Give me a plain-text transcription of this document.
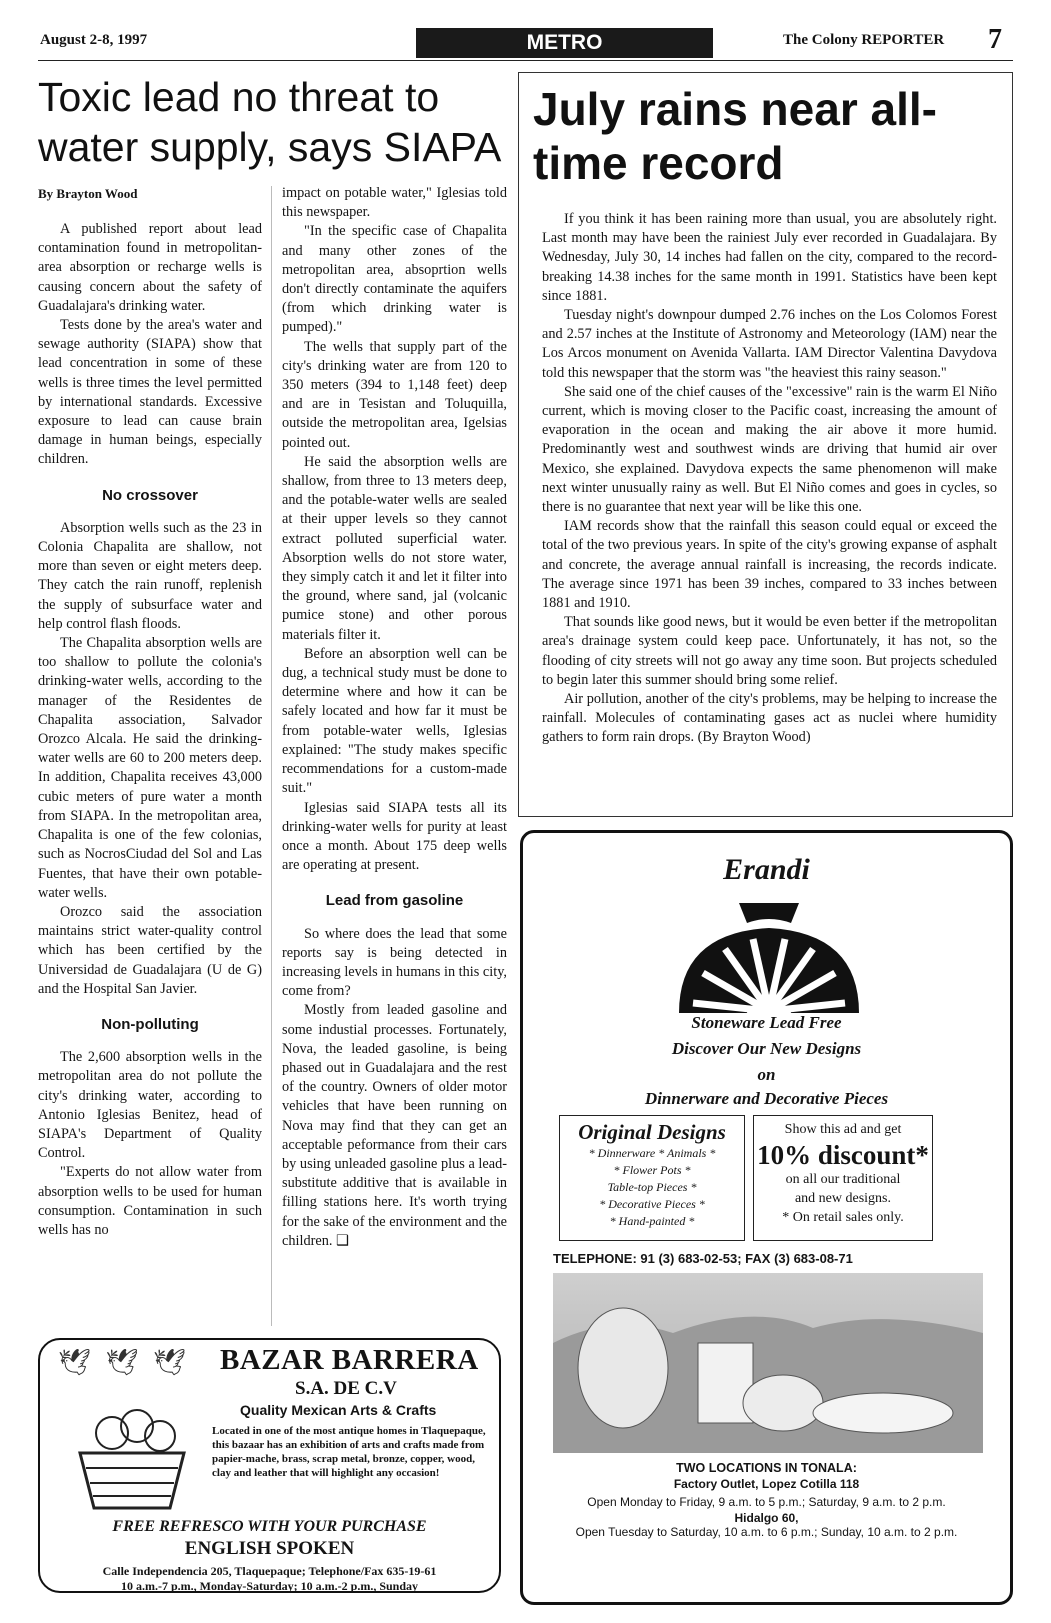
August 2-8, 1997	METRO	The Colony REPORTER 7
Toxic lead no threat to water supply, says SIAPA
By Brayton Wood

A published report about lead contamination found in metropolitan-area absorption or recharge wells is causing concern about the safety of Guadalajara's drinking water.

Tests done by the area's water and sewage authority (SIAPA) show that lead concentration in some of these wells is three times the level permitted by international standards. Excessive exposure to lead can cause brain damage in human beings, especially children.

No crossover

Absorption wells such as the 23 in Colonia Chapalita are shallow, not more than seven or eight meters deep. They catch the rain runoff, replenish the supply of subsurface water and help control flash floods.

The Chapalita absorption wells are too shallow to pollute the colonia's drinking-water wells, according to the manager of the Residentes de Chapalita association, Salvador Orozco Alcala. He said the drinking-water wells are 60 to 200 meters deep. In addition, Chapalita receives 43,000 cubic meters of pure water a month from SIAPA. In the metropolitan area, Chapalita is one of the few colonias, such as NocrosCiudad del Sol and Las Fuentes, that have their own potable-water wells.

Orozco said the association maintains strict water-quality control which has been certified by the Universidad de Guadalajara (U de G) and the Hospital San Javier.

Non-polluting

The 2,600 absorption wells in the metropolitan area do not pollute the city's drinking water, according to Antonio Iglesias Benitez, head of SIAPA's Department of Quality Control.

"Experts do not allow water from absorption wells to be used for human consumption. Contamination in such wells has no

impact on potable water," Iglesias told this newspaper.

"In the specific case of Chapalita and many other zones of the metropolitan area, absoprtion wells don't directly contaminate the aquifers (from which drinking water is pumped)."

The wells that supply part of the city's drinking water are from 120 to 350 meters (394 to 1,148 feet) deep and are in Tesistan and Toluquilla, outside the metropolitan area, Igelsias pointed out.

He said the absorption wells are shallow, from three to 13 meters deep, and the potable-water wells are sealed at their upper levels so they cannot extract polluted superficial water. Absorption wells do not store water, they simply catch it and let it filter into the ground, where sand, jal (volcanic pumice stone) and other porous materials filter it.

Before an absorption well can be dug, a technical study must be done to determine where and how it can be safely located and how far it must be from potable-water wells, Iglesias explained: "The study makes specific recommendations for a custom-made suit."

Iglesias said SIAPA tests all its drinking-water wells for purity at least once a month. About 175 deep wells are operating at present.

Lead from gasoline

So where does the lead that some reports say is being detected in increasing levels in humans in this city, come from?

Mostly from leaded gasoline and some industial processes. Fortunately, Nova, the leaded gasoline, is being phased out in Guadalajara and the rest of the country. Owners of older motor vehicles that have been running on Nova may find that they can get an acceptable peformance from their cars by using unleaded gasoline plus a lead-substitute additive that is available in filling stations here. It's worth trying for the sake of the environment and the children. ❑

July rains near all-time record

If you think it has been raining more than usual, you are absolutely right. Last month may have been the rainiest July ever recorded in Guadalajara. By Wednesday, July 30, 14 inches had fallen on the city, compared to the record-breaking 14.38 inches for the same month in 1991. Statistics have been kept since 1881.

Tuesday night's downpour dumped 2.76 inches on the Los Colomos Forest and 2.57 inches at the Institute of Astronomy and Meteorology (IAM) near the Los Arcos monument on Avenida Vallarta. IAM Director Valentina Davydova told this newspaper that the storm was "the heaviest this rainy season."

She said one of the chief causes of the "excessive" rain is the warm El Niño current, which is moving closer to the Pacific coast, increasing the amount of evaporation in the ocean and making the air above it more humid. Predominantly west and southwest winds are driving that humid air over Mexico, she explained. Davydova expects the same phenomenon will make next winter unusually rainy as well. But El Niño comes and goes in cycles, so there is no guarantee that next year will be like this one.

IAM records show that the rainfall this season could equal or exceed the total of the two previous years. In spite of the city's growing expanse of asphalt and concrete, the average annual rainfall is increasing, the records indicate. The average since 1971 has been 39 inches, compared to 33 inches between 1881 and 1910.

That sounds like good news, but it would be even better if the metropolitan area's drainage system could keep pace. Unfortunately, it has not, so the flooding of city streets will not go away any time soon. But projects scheduled to begin later this summer should bring some relief.

Air pollution, another of the city's problems, may be helping to increase the rainfall. Molecules of contaminating gases act as nuclei where humidity gathers to form rain drops. (By Brayton Wood)

Erandi
Stoneware Lead Free
Discover Our New Designs
on
Dinnerware and Decorative Pieces
Original Designs
* Dinnerware * Animals *
* Flower Pots *
Table-top Pieces *
* Decorative Pieces *
* Hand-painted *
Show this ad and get
10% discount*
on all our traditional
and new designs.
* On retail sales only.
TELEPHONE: 91 (3) 683-02-53; FAX (3) 683-08-71
TWO LOCATIONS IN TONALA:
Factory Outlet, Lopez Cotilla 118
Open Monday to Friday, 9 a.m. to 5 p.m.; Saturday, 9 a.m. to 2 p.m.
Hidalgo 60,
Open Tuesday to Saturday, 10 a.m. to 6 p.m.; Sunday, 10 a.m. to 2 p.m.
🕊 🕊 🕊 BAZAR BARRERA
S.A. DE C.V
Quality Mexican Arts & Crafts
Located in one of the most antique homes in Tlaquepaque, this bazaar has an exhibition of arts and crafts made from papier-mache, brass, scrap metal, bronze, copper, wood, clay and leather that will highlight any occasion!
FREE REFRESCO WITH YOUR PURCHASE
ENGLISH SPOKEN
Calle Independencia 205, Tlaquepaque; Telephone/Fax 635-19-61
10 a.m.-7 p.m., Monday-Saturday; 10 a.m.-2 p.m., Sunday
